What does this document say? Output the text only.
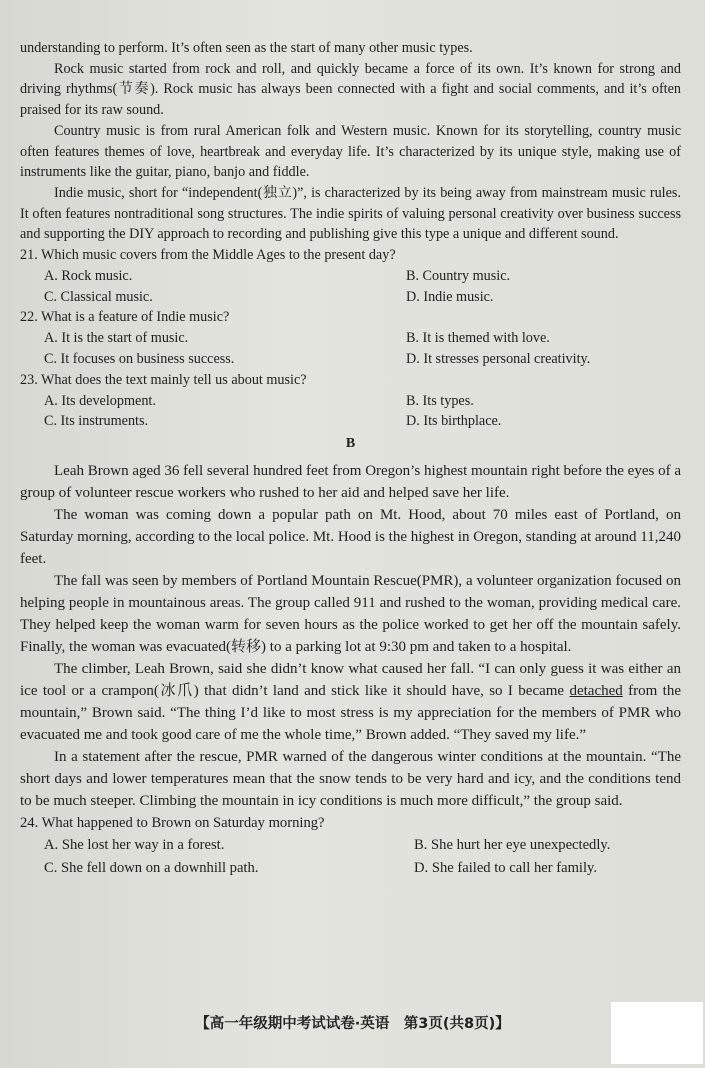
understanding to perform. It’s often seen as the start of many other music types.

Rock music started from rock and roll, and quickly became a force of its own. It’s known for strong and driving rhythms(节奏). Rock music has always been connected with a fight and social comments, and it’s often praised for its raw sound.

Country music is from rural American folk and Western music. Known for its storytelling, country music often features themes of love, heartbreak and everyday life. It’s characterized by its unique style, making use of instruments like the guitar, piano, banjo and fiddle.

Indie music, short for “independent(独立)”, is characterized by its being away from mainstream music rules. It often features nontraditional song structures. The indie spirits of valuing personal creativity over business success and supporting the DIY approach to recording and publishing give this type a unique and different sound.

21. Which music covers from the Middle Ages to the present day?

A. Rock music.	B. Country music.
C. Classical music.	D. Indie music.

22. What is a feature of Indie music?

A. It is the start of music.	B. It is themed with love.
C. It focuses on business success.	D. It stresses personal creativity.

23. What does the text mainly tell us about music?

A. Its development.	B. Its types.
C. Its instruments.	D. Its birthplace.
B

Leah Brown aged 36 fell several hundred feet from Oregon’s highest mountain right before the eyes of a group of volunteer rescue workers who rushed to her aid and helped save her life.

The woman was coming down a popular path on Mt. Hood, about 70 miles east of Portland, on Saturday morning, according to the local police. Mt. Hood is the highest in Oregon, standing at around 11,240 feet.

The fall was seen by members of Portland Mountain Rescue(PMR), a volunteer organization focused on helping people in mountainous areas. The group called 911 and rushed to the woman, providing medical care. They helped keep the woman warm for seven hours as the police worked to get her off the mountain safely. Finally, the woman was evacuated(转移) to a parking lot at 9:30 pm and taken to a hospital.

The climber, Leah Brown, said she didn’t know what caused her fall. “I can only guess it was either an ice tool or a crampon(冰爪) that didn’t land and stick like it should have, so I became detached from the mountain,” Brown said. “The thing I’d like to most stress is my appreciation for the members of PMR who evacuated me and took good care of me the whole time,” Brown added. “They saved my life.”

In a statement after the rescue, PMR warned of the dangerous winter conditions at the mountain. “The short days and lower temperatures mean that the snow tends to be very hard and icy, and the conditions tend to be much steeper. Climbing the mountain in icy conditions is much more difficult,” the group said.

24. What happened to Brown on Saturday morning?

A. She lost her way in a forest.	B. She hurt her eye unexpectedly.
C. She fell down on a downhill path.	D. She failed to call her family.
【高一年级期中考试试卷·英语　第3页(共8页)】
